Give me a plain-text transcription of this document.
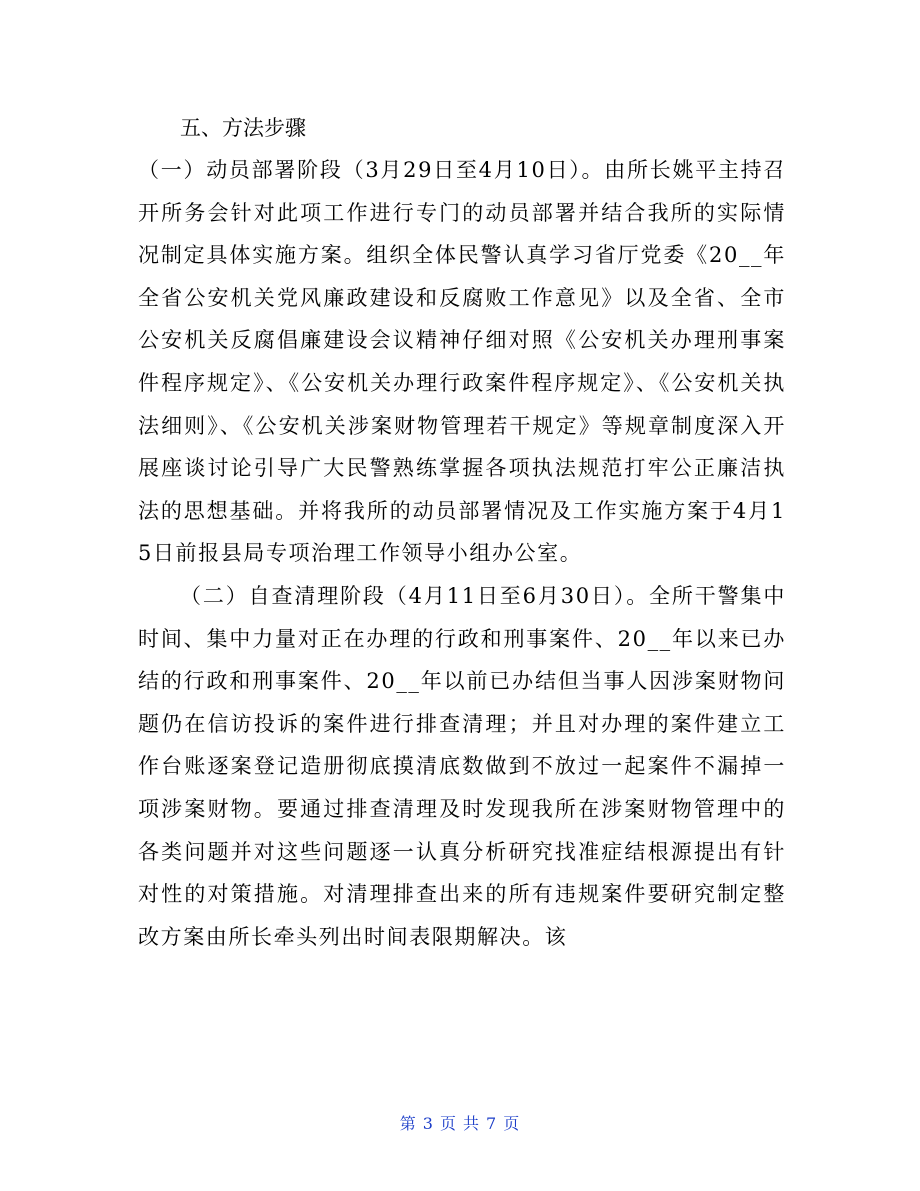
五、方法步骤

（一）动员部署阶段（3月29日至4月10日）。由所长姚平主持召开所务会针对此项工作进行专门的动员部署并结合我所的实际情况制定具体实施方案。组织全体民警认真学习省厅党委《20__年全省公安机关党风廉政建设和反腐败工作意见》以及全省、全市公安机关反腐倡廉建设会议精神仔细对照《公安机关办理刑事案件程序规定》、《公安机关办理行政案件程序规定》、《公安机关执法细则》、《公安机关涉案财物管理若干规定》等规章制度深入开展座谈讨论引导广大民警熟练掌握各项执法规范打牢公正廉洁执法的思想基础。并将我所的动员部署情况及工作实施方案于4月15日前报县局专项治理工作领导小组办公室。

（二）自查清理阶段（4月11日至6月30日）。全所干警集中时间、集中力量对正在办理的行政和刑事案件、20__年以来已办结的行政和刑事案件、20__年以前已办结但当事人因涉案财物问题仍在信访投诉的案件进行排查清理；并且对办理的案件建立工作台账逐案登记造册彻底摸清底数做到不放过一起案件不漏掉一项涉案财物。要通过排查清理及时发现我所在涉案财物管理中的各类问题并对这些问题逐一认真分析研究找准症结根源提出有针对性的对策措施。对清理排查出来的所有违规案件要研究制定整改方案由所长牵头列出时间表限期解决。该

第 3 页 共 7 页
